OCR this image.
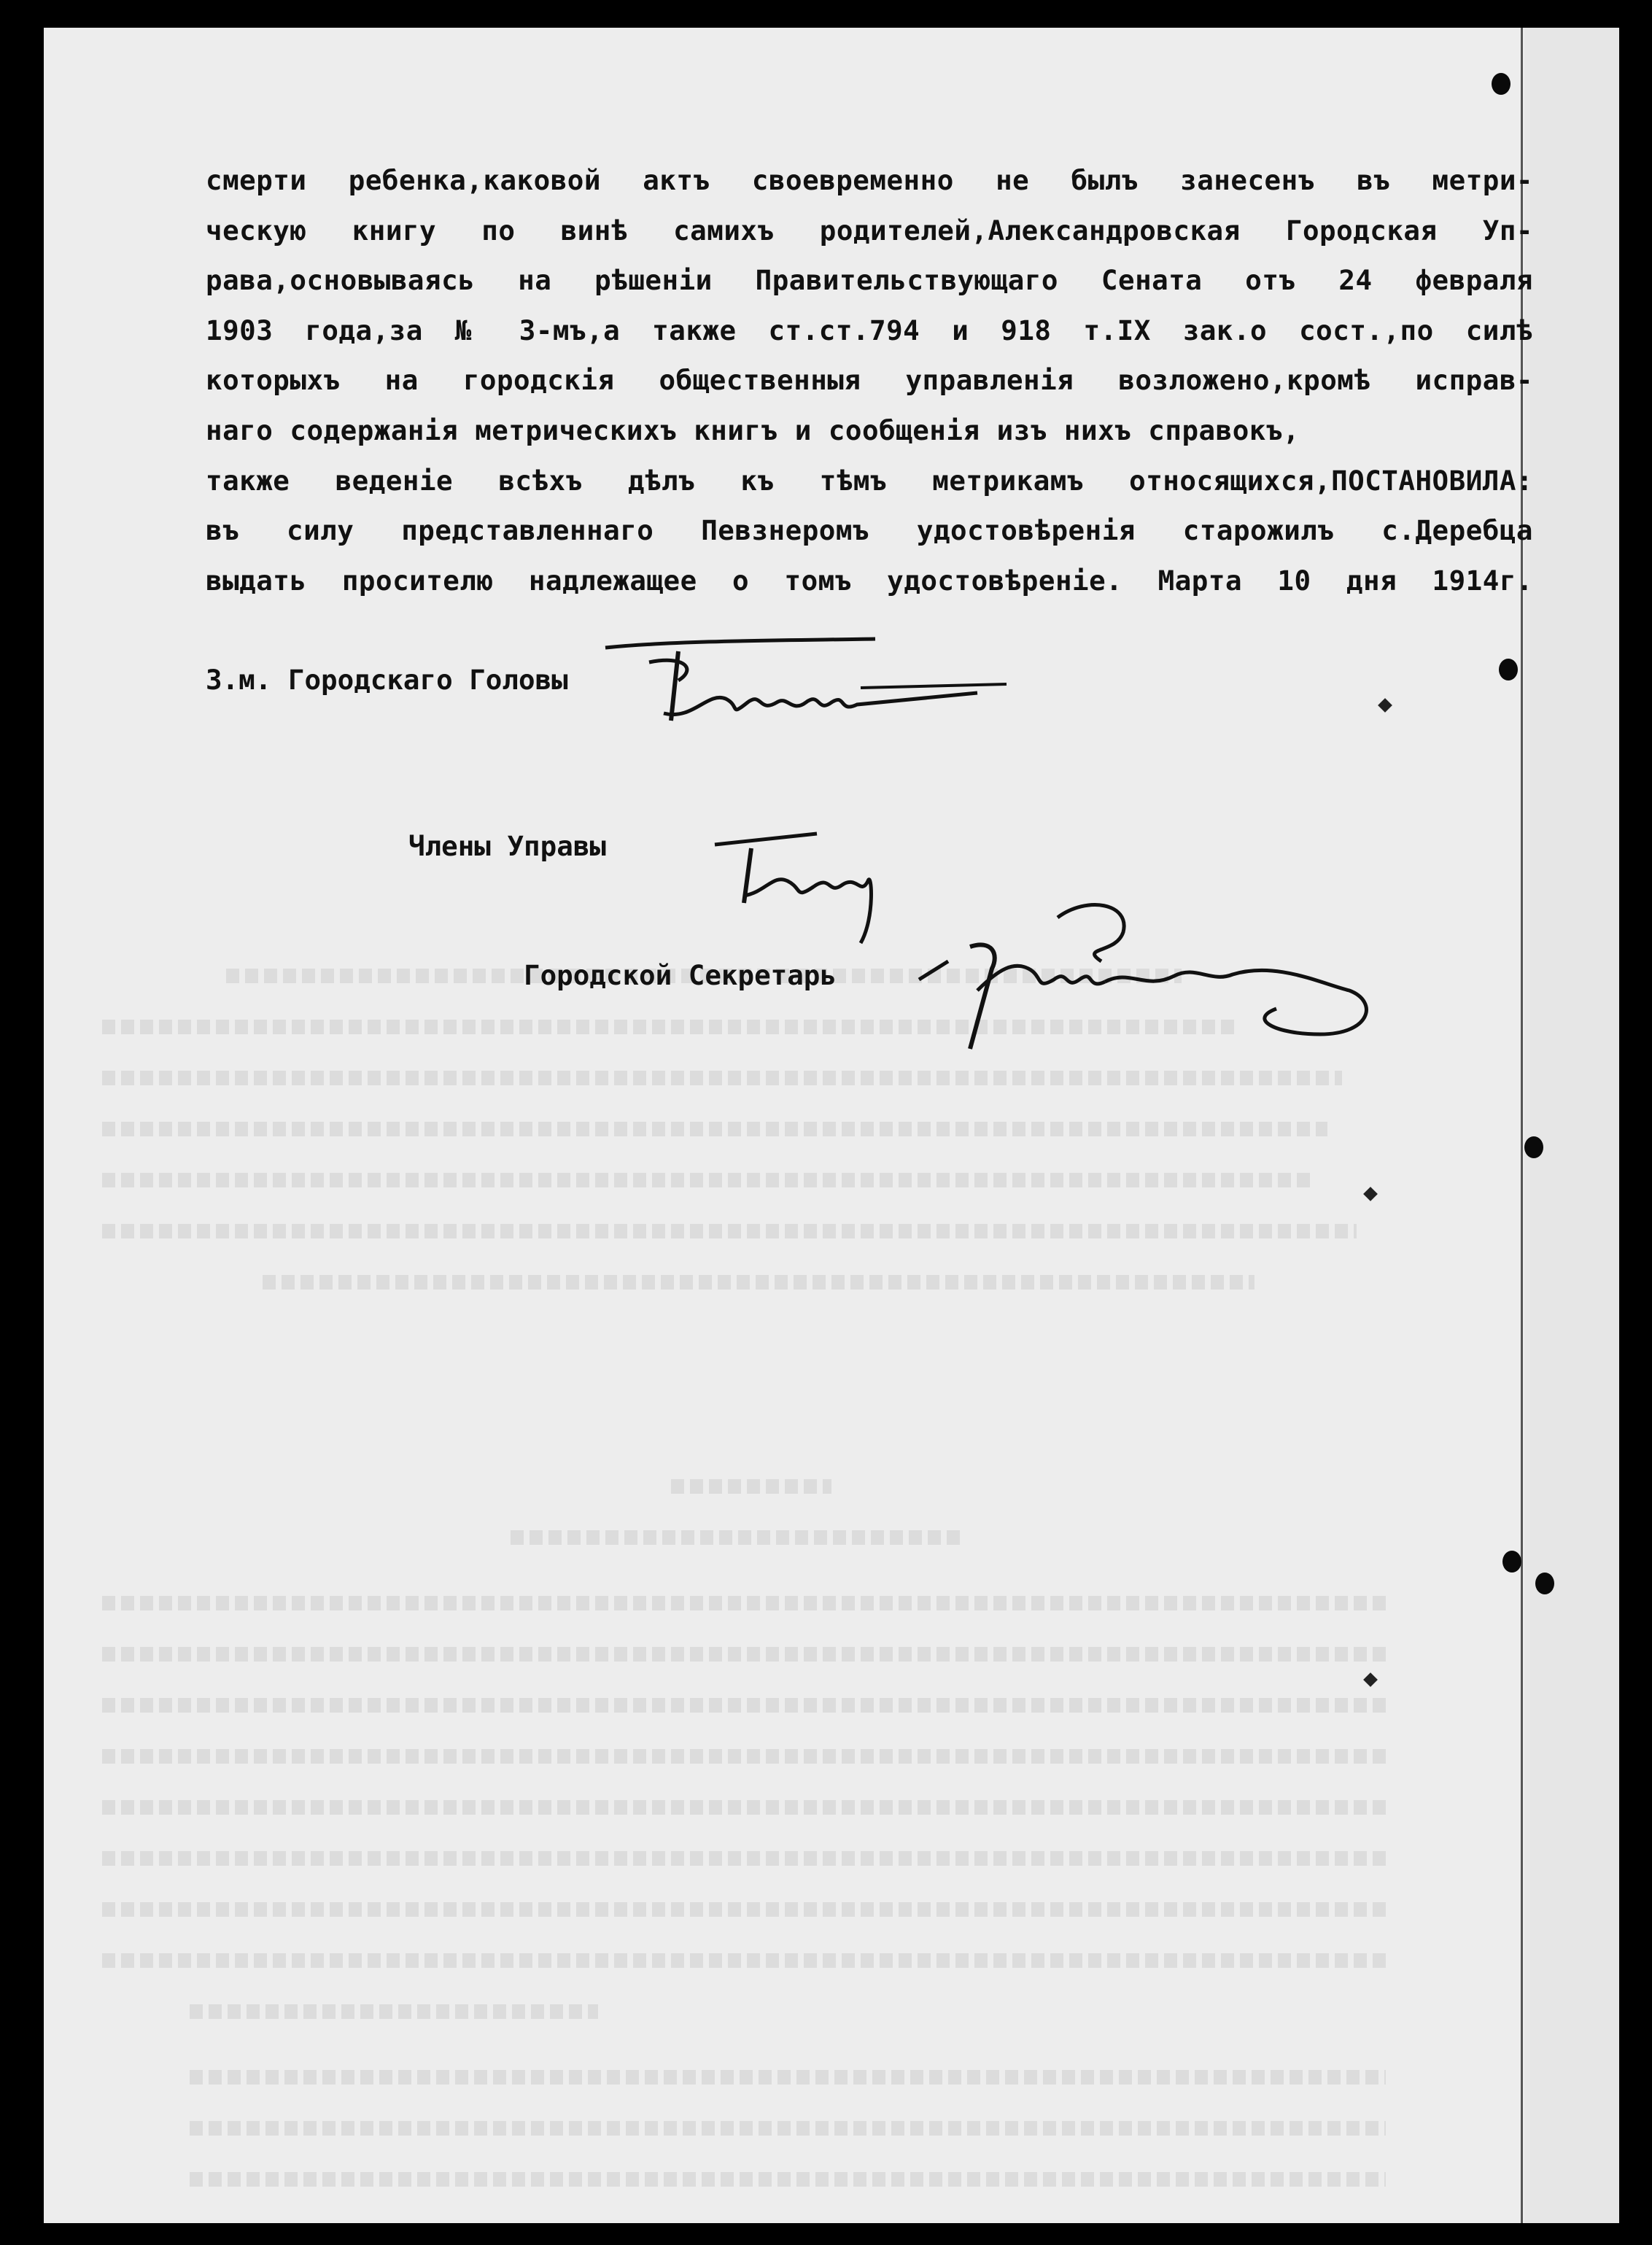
смерти ребенка,каковой актъ своевременно не былъ занесенъ въ метри-
ческую книгу по винѣ самихъ родителей,Александровская Городская Уп-
рава,основываясь на рѣшеніи Правительствующаго Сената отъ 24 февраля
1903 года,за № 3-мъ,а также ст.ст.794 и 918 т.IX зак.о сост.,по силѣ
которыхъ на городскія общественныя управленія возложено,кромѣ исправ-
наго содержанія метрическихъ книгъ и сообщенія изъ нихъ справокъ,
также веденіе всѣхъ дѣлъ къ тѣмъ метрикамъ относящихся,ПОСТАНОВИЛА:
въ силу представленнаго Певзнеромъ удостовѣренія старожилъ с.Деребца
выдать просителю надлежащее о томъ удостовѣреніе. Марта 10 дня 1914г.
З.м. Городскаго Головы
Члены Управы
Городской Секретарь
